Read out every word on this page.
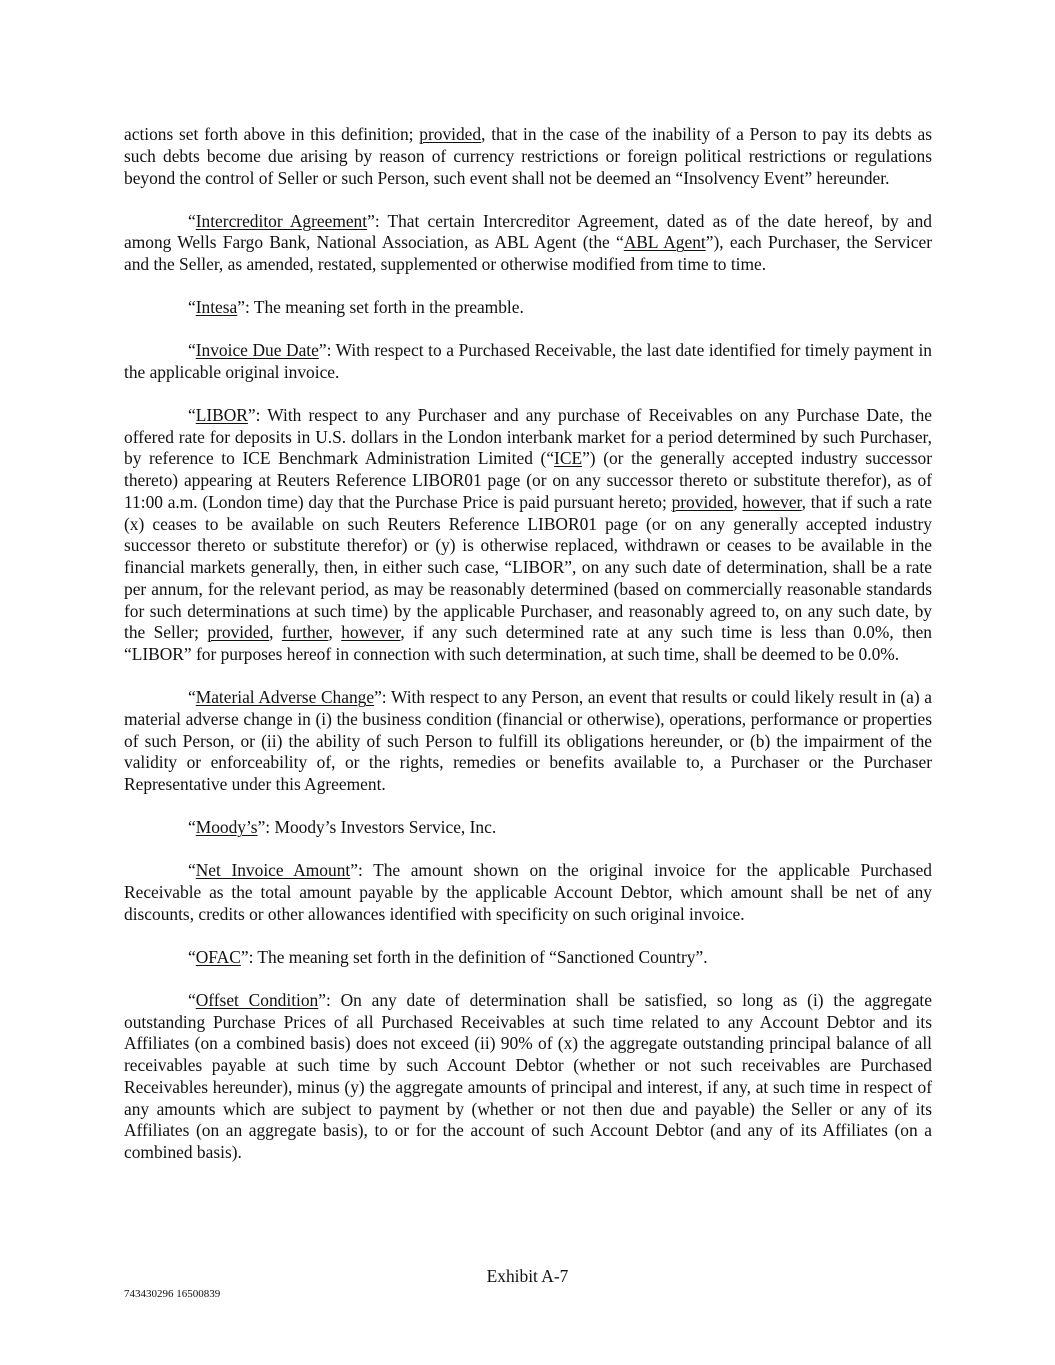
actions set forth above in this definition; provided, that in the case of the inability of a Person to pay its debts as such debts become due arising by reason of currency restrictions or foreign political restrictions or regulations beyond the control of Seller or such Person, such event shall not be deemed an “Insolvency Event” hereunder.

“Intercreditor Agreement”: That certain Intercreditor Agreement, dated as of the date hereof, by and among Wells Fargo Bank, National Association, as ABL Agent (the “ABL Agent”), each Purchaser, the Servicer and the Seller, as amended, restated, supplemented or otherwise modified from time to time.

“Intesa”: The meaning set forth in the preamble.

“Invoice Due Date”: With respect to a Purchased Receivable, the last date identified for timely payment in the applicable original invoice.

“LIBOR”: With respect to any Purchaser and any purchase of Receivables on any Purchase Date, the offered rate for deposits in U.S. dollars in the London interbank market for a period determined by such Purchaser, by reference to ICE Benchmark Administration Limited (“ICE”) (or the generally accepted industry successor thereto) appearing at Reuters Reference LIBOR01 page (or on any successor thereto or substitute therefor), as of 11:00 a.m. (London time) day that the Purchase Price is paid pursuant hereto; provided, however, that if such a rate (x) ceases to be available on such Reuters Reference LIBOR01 page (or on any generally accepted industry successor thereto or substitute therefor) or (y) is otherwise replaced, withdrawn or ceases to be available in the financial markets generally, then, in either such case, “LIBOR”, on any such date of determination, shall be a rate per annum, for the relevant period, as may be reasonably determined (based on commercially reasonable standards for such determinations at such time) by the applicable Purchaser, and reasonably agreed to, on any such date, by the Seller; provided, further, however, if any such determined rate at any such time is less than 0.0%, then “LIBOR” for purposes hereof in connection with such determination, at such time, shall be deemed to be 0.0%.

“Material Adverse Change”: With respect to any Person, an event that results or could likely result in (a) a material adverse change in (i) the business condition (financial or otherwise), operations, performance or properties of such Person, or (ii) the ability of such Person to fulfill its obligations hereunder, or (b) the impairment of the validity or enforceability of, or the rights, remedies or benefits available to, a Purchaser or the Purchaser Representative under this Agreement.

“Moody’s”: Moody’s Investors Service, Inc.

“Net Invoice Amount”: The amount shown on the original invoice for the applicable Purchased Receivable as the total amount payable by the applicable Account Debtor, which amount shall be net of any discounts, credits or other allowances identified with specificity on such original invoice.

“OFAC”: The meaning set forth in the definition of “Sanctioned Country”.

“Offset Condition”: On any date of determination shall be satisfied, so long as (i) the aggregate outstanding Purchase Prices of all Purchased Receivables at such time related to any Account Debtor and its Affiliates (on a combined basis) does not exceed (ii) 90% of (x) the aggregate outstanding principal balance of all receivables payable at such time by such Account Debtor (whether or not such receivables are Purchased Receivables hereunder), minus (y) the aggregate amounts of principal and interest, if any, at such time in respect of any amounts which are subject to payment by (whether or not then due and payable) the Seller or any of its Affiliates (on an aggregate basis), to or for the account of such Account Debtor (and any of its Affiliates (on a combined basis).

Exhibit A-7
743430296 16500839
